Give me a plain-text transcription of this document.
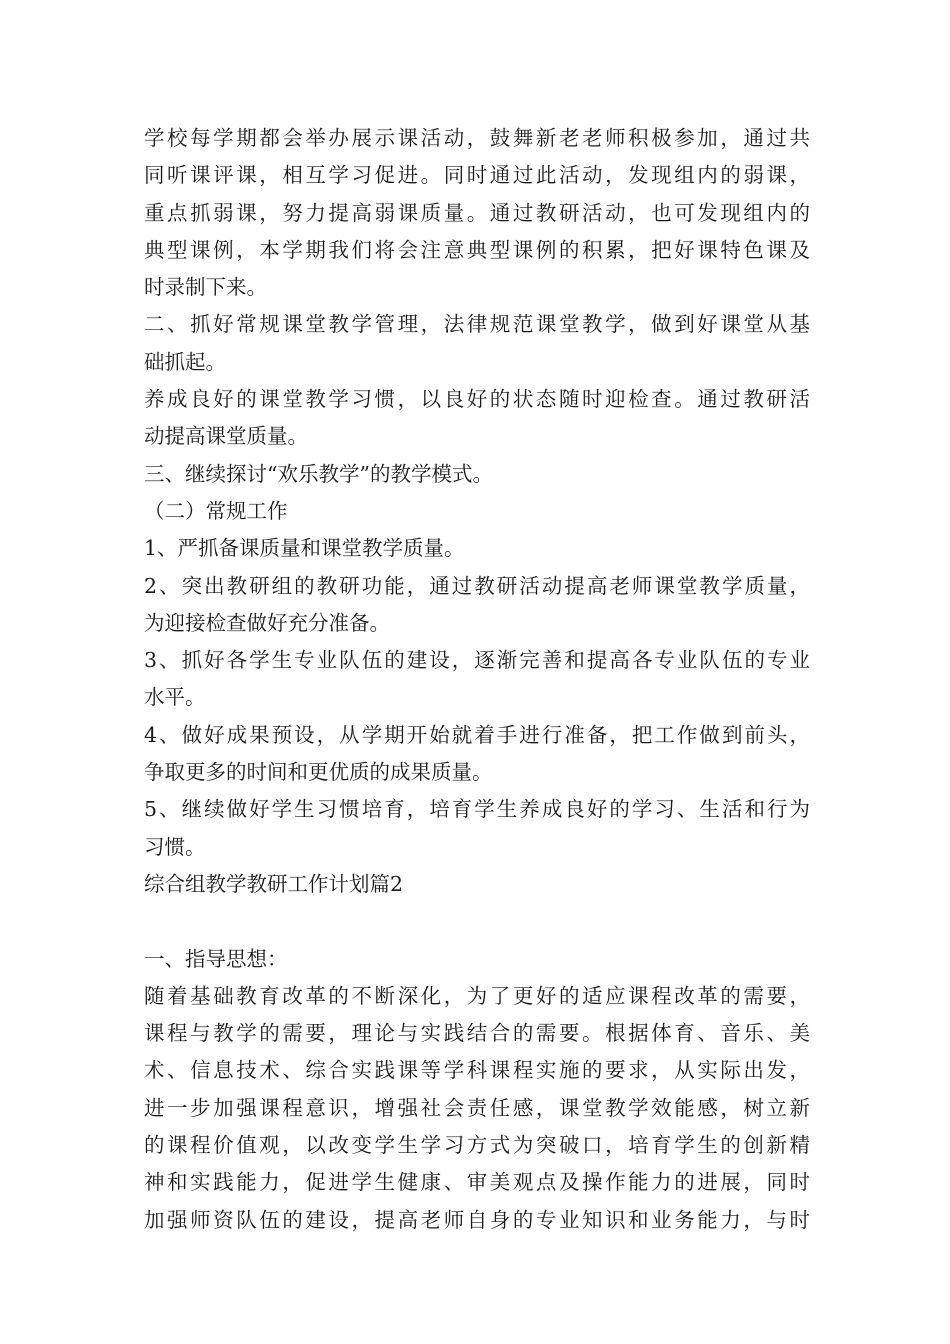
学校每学期都会举办展示课活动，鼓舞新老老师积极参加，通过共
同听课评课，相互学习促进。同时通过此活动，发现组内的弱课，
重点抓弱课，努力提高弱课质量。通过教研活动，也可发现组内的
典型课例，本学期我们将会注意典型课例的积累，把好课特色课及
时录制下来。
二、抓好常规课堂教学管理，法律规范课堂教学，做到好课堂从基
础抓起。
养成良好的课堂教学习惯，以良好的状态随时迎检查。通过教研活
动提高课堂质量。
三、继续探讨“欢乐教学”的教学模式。
（二）常规工作
1、严抓备课质量和课堂教学质量。
2、突出教研组的教研功能，通过教研活动提高老师课堂教学质量，
为迎接检查做好充分准备。
3、抓好各学生专业队伍的建设，逐渐完善和提高各专业队伍的专业
水平。
4、做好成果预设，从学期开始就着手进行准备，把工作做到前头，
争取更多的时间和更优质的成果质量。
5、继续做好学生习惯培育，培育学生养成良好的学习、生活和行为
习惯。
综合组教学教研工作计划篇2
一、指导思想：
随着基础教育改革的不断深化，为了更好的适应课程改革的需要，
课程与教学的需要，理论与实践结合的需要。根据体育、音乐、美
术、信息技术、综合实践课等学科课程实施的要求，从实际出发，
进一步加强课程意识，增强社会责任感，课堂教学效能感，树立新
的课程价值观，以改变学生学习方式为突破口，培育学生的创新精
神和实践能力，促进学生健康、审美观点及操作能力的进展，同时
加强师资队伍的建设，提高老师自身的专业知识和业务能力，与时
